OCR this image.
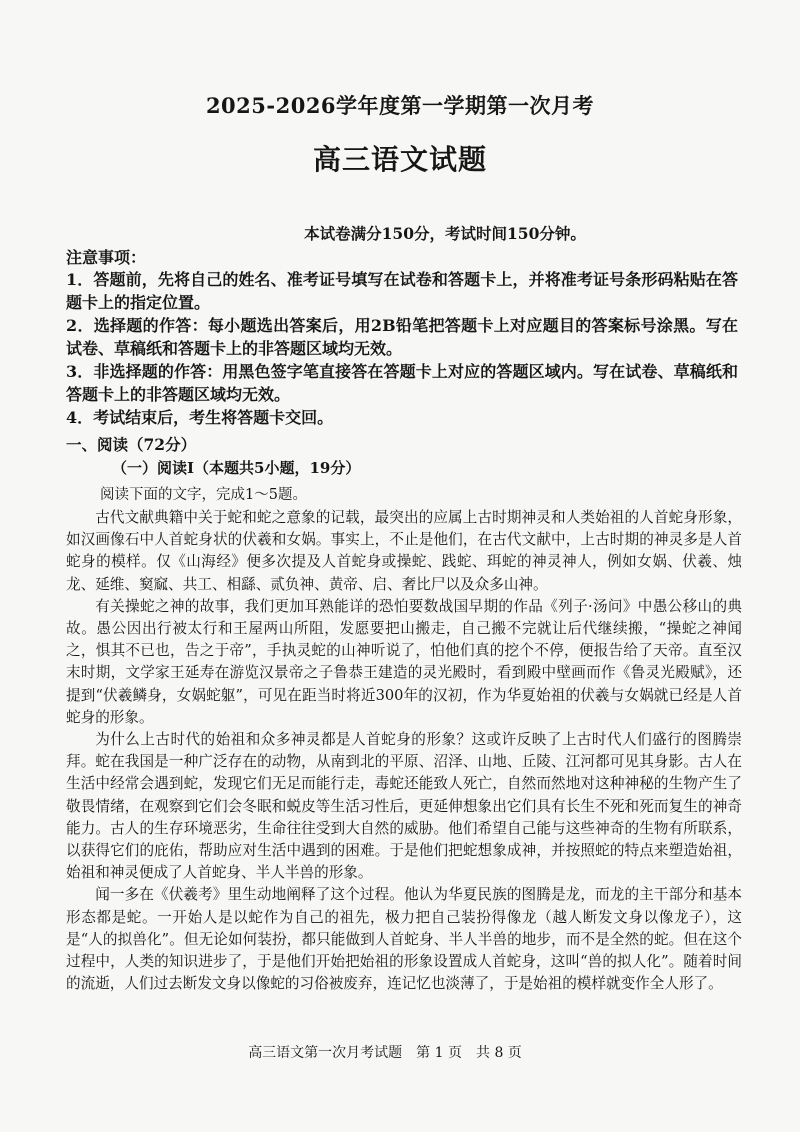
2025-2026学年度第一学期第一次月考
高三语文试题
本试卷满分150分，考试时间150分钟。
注意事项：

1．答题前，先将自己的姓名、准考证号填写在试卷和答题卡上，并将准考证号条形码粘贴在答题卡上的指定位置。

2．选择题的作答：每小题选出答案后，用2B铅笔把答题卡上对应题目的答案标号涂黑。写在试卷、草稿纸和答题卡上的非答题区域均无效。

3．非选择题的作答：用黑色签字笔直接答在答题卡上对应的答题区域内。写在试卷、草稿纸和答题卡上的非答题区域均无效。

4．考试结束后，考生将答题卡交回。

一、阅读（72分）
（一）阅读Ⅰ（本题共5小题，19分）
阅读下面的文字，完成1～5题。

古代文献典籍中关于蛇和蛇之意象的记载，最突出的应属上古时期神灵和人类始祖的人首蛇身形象，如汉画像石中人首蛇身状的伏羲和女娲。事实上，不止是他们，在古代文献中，上古时期的神灵多是人首蛇身的模样。仅《山海经》便多次提及人首蛇身或操蛇、践蛇、珥蛇的神灵神人，例如女娲、伏羲、烛龙、延维、窫窳、共工、相繇、贰负神、黄帝、启、奢比尸以及众多山神。

有关操蛇之神的故事，我们更加耳熟能详的恐怕要数战国早期的作品《列子·汤问》中愚公移山的典故。愚公因出行被太行和王屋两山所阻，发愿要把山搬走，自己搬不完就让后代继续搬，“操蛇之神闻之，惧其不已也，告之于帝”，手执灵蛇的山神听说了，怕他们真的挖个不停，便报告给了天帝。直至汉末时期，文学家王延寿在游览汉景帝之子鲁恭王建造的灵光殿时，看到殿中壁画而作《鲁灵光殿赋》，还提到“伏羲鳞身，女娲蛇躯”，可见在距当时将近300年的汉初，作为华夏始祖的伏羲与女娲就已经是人首蛇身的形象。

为什么上古时代的始祖和众多神灵都是人首蛇身的形象？这或许反映了上古时代人们盛行的图腾崇拜。蛇在我国是一种广泛存在的动物，从南到北的平原、沼泽、山地、丘陵、江河都可见其身影。古人在生活中经常会遇到蛇，发现它们无足而能行走，毒蛇还能致人死亡，自然而然地对这种神秘的生物产生了敬畏情绪，在观察到它们会冬眠和蜕皮等生活习性后，更延伸想象出它们具有长生不死和死而复生的神奇能力。古人的生存环境恶劣，生命往往受到大自然的威胁。他们希望自己能与这些神奇的生物有所联系，以获得它们的庇佑，帮助应对生活中遇到的困难。于是他们把蛇想象成神，并按照蛇的特点来塑造始祖，始祖和神灵便成了人首蛇身、半人半兽的形象。

闻一多在《伏羲考》里生动地阐释了这个过程。他认为华夏民族的图腾是龙，而龙的主干部分和基本形态都是蛇。一开始人是以蛇作为自己的祖先，极力把自己装扮得像龙（越人断发文身以像龙子），这是“人的拟兽化”。但无论如何装扮，都只能做到人首蛇身、半人半兽的地步，而不是全然的蛇。但在这个过程中，人类的知识进步了，于是他们开始把始祖的形象设置成人首蛇身，这叫“兽的拟人化”。随着时间的流逝，人们过去断发文身以像蛇的习俗被废弃，连记忆也淡薄了，于是始祖的模样就变作全人形了。

高三语文第一次月考试题　第 1 页　共 8 页
